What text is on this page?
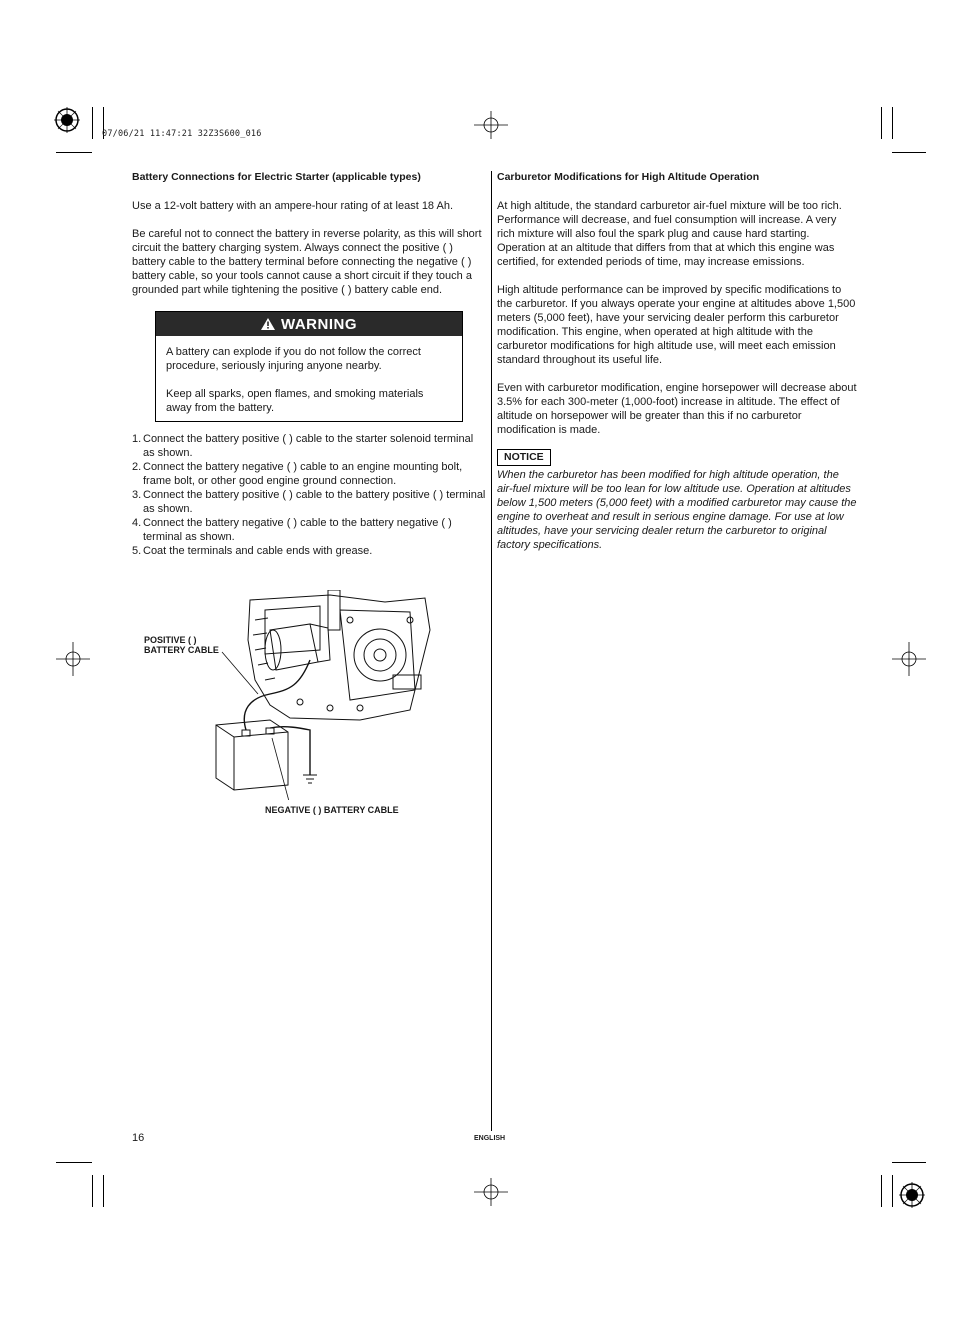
07/06/21 11:47:21 32Z3S600_016
Battery Connections for Electric Starter (applicable types)

Use a 12-volt battery with an ampere-hour rating of at least 18 Ah.

Be careful not to connect the battery in reverse polarity, as this will short circuit the battery charging system. Always connect the positive ( ) battery cable to the battery terminal before connecting the negative ( ) battery cable, so your tools cannot cause a short circuit if they touch a grounded part while tightening the positive ( ) battery cable end.

WARNING

A battery can explode if you do not follow the correct procedure, seriously injuring anyone nearby.

Keep all sparks, open flames, and smoking materials away from the battery.

1. Connect the battery positive ( ) cable to the starter solenoid terminal as shown.
2. Connect the battery negative ( ) cable to an engine mounting bolt, frame bolt, or other good engine ground connection.
3. Connect the battery positive ( ) cable to the battery positive ( ) terminal as shown.
4. Connect the battery negative ( ) cable to the battery negative ( ) terminal as shown.
5. Coat the terminals and cable ends with grease.
POSITIVE ( )
BATTERY CABLE
NEGATIVE ( ) BATTERY CABLE
Carburetor Modifications for High Altitude Operation

At high altitude, the standard carburetor air-fuel mixture will be too rich. Performance will decrease, and fuel consumption will increase. A very rich mixture will also foul the spark plug and cause hard starting. Operation at an altitude that differs from that at which this engine was certified, for extended periods of time, may increase emissions.

High altitude performance can be improved by specific modifications to the carburetor. If you always operate your engine at altitudes above 1,500 meters (5,000 feet), have your servicing dealer perform this carburetor modification. This engine, when operated at high altitude with the carburetor modifications for high altitude use, will meet each emission standard throughout its useful life.

Even with carburetor modification, engine horsepower will decrease about 3.5% for each 300-meter (1,000-foot) increase in altitude. The effect of altitude on horsepower will be greater than this if no carburetor modification is made.

NOTICE

When the carburetor has been modified for high altitude operation, the air-fuel mixture will be too lean for low altitude use. Operation at altitudes below 1,500 meters (5,000 feet) with a modified carburetor may cause the engine to overheat and result in serious engine damage. For use at low altitudes, have your servicing dealer return the carburetor to original factory specifications.

16	ENGLISH
